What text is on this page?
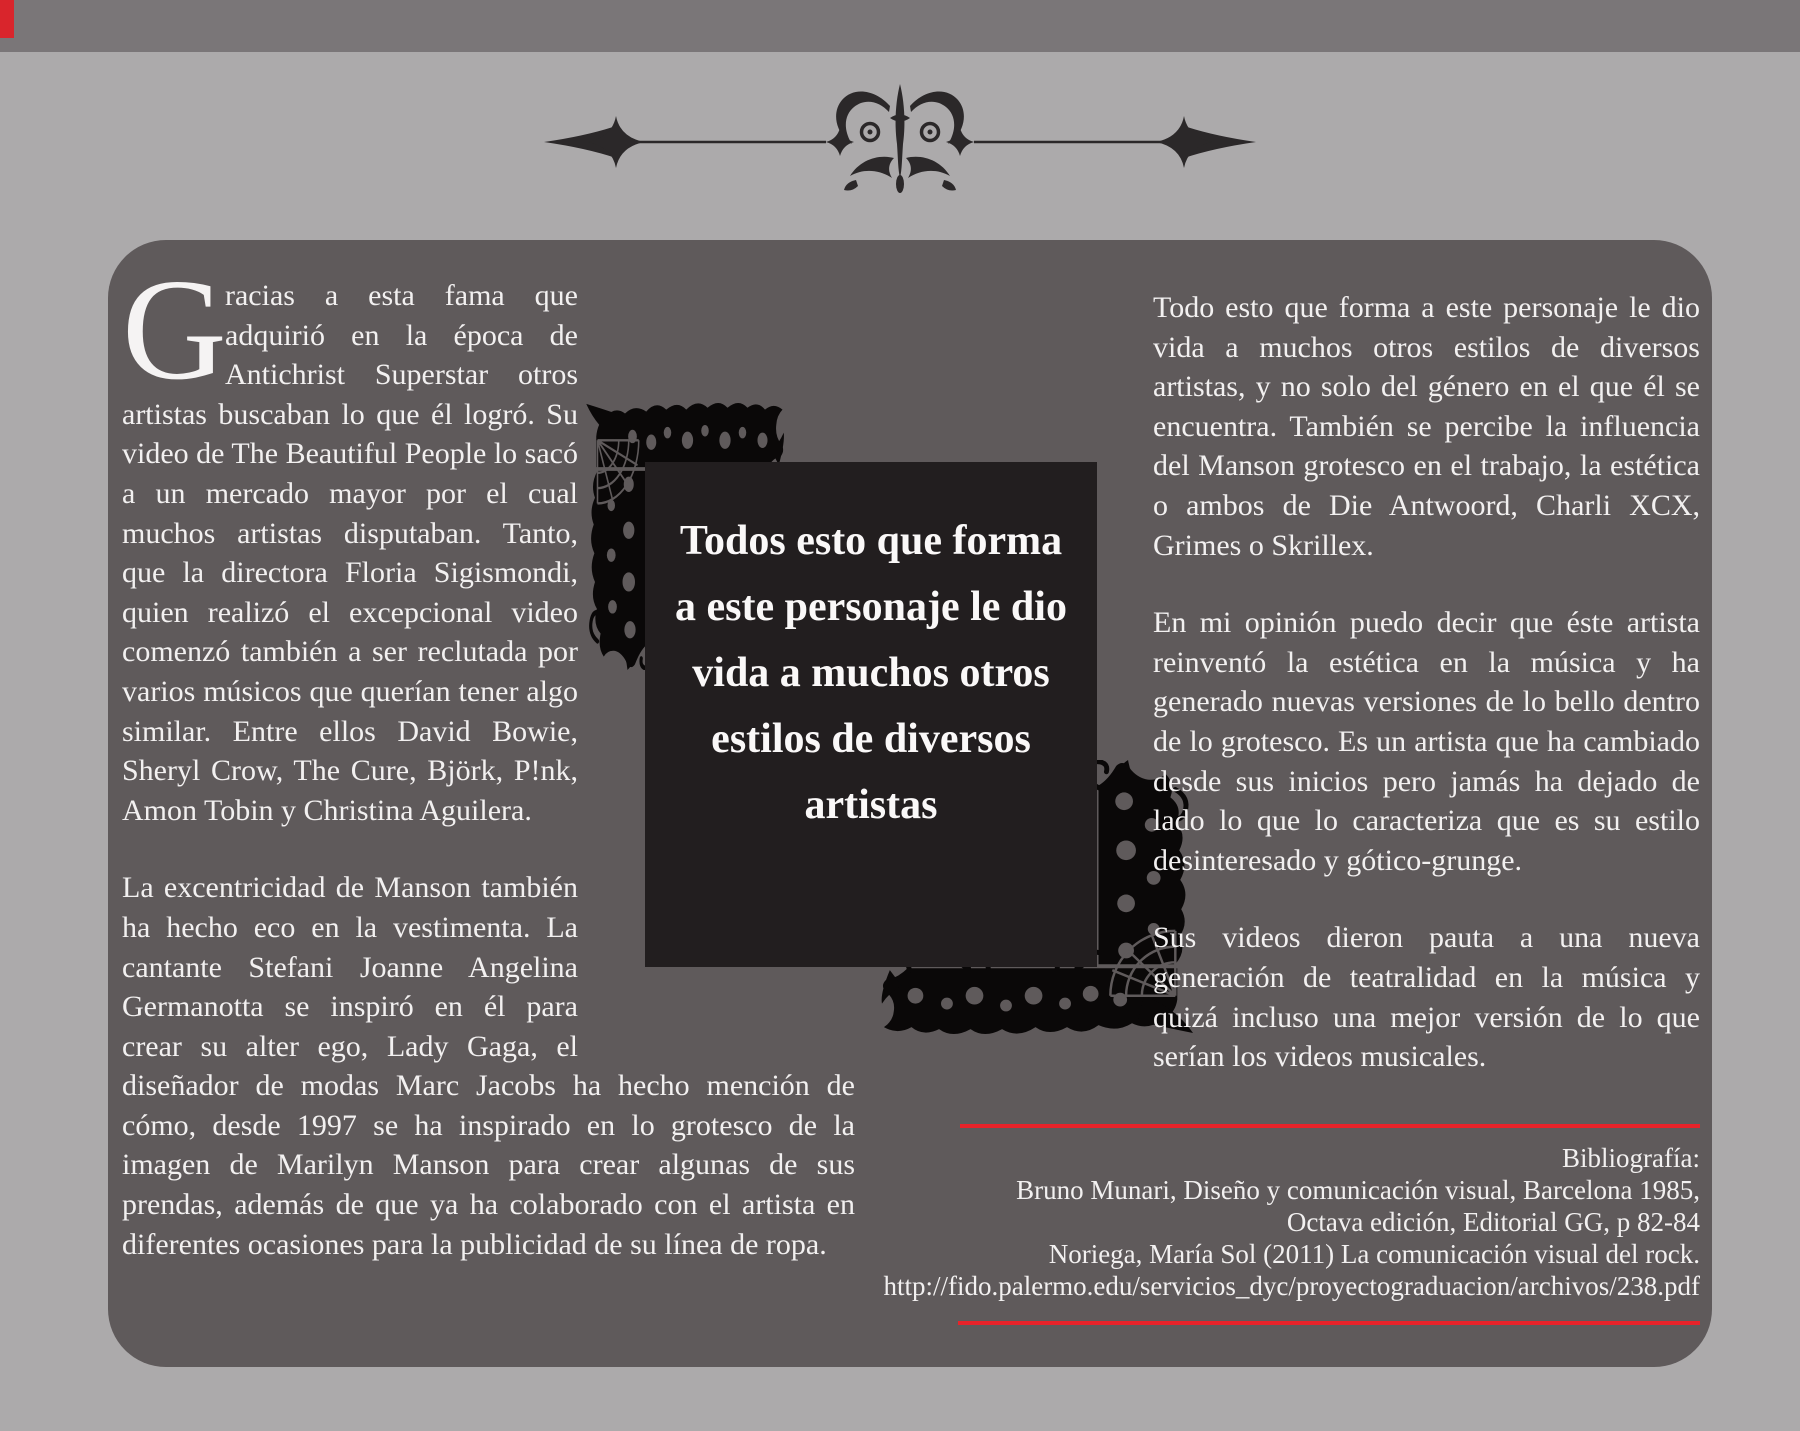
Todos esto que forma a este personaje le dio vida a muchos otros estilos de diversos artistas

G
racias a esta fama que adquirió en la época de Antichrist Superstar otros artistas buscaban lo que él logró. Su video de The Beautiful People lo sacó a un mercado mayor por el cual muchos artistas disputaban. Tanto, que la directora Floria Sigismondi, quien realizó el excepcional video comenzó también a ser reclutada por varios músicos que querían tener algo similar. Entre ellos David Bowie, Sheryl Crow, The Cure, Björk, P!nk, Amon Tobin y Christina Aguilera.

La excentricidad de Manson también ha hecho eco en la vestimenta. La cantante Stefani Joanne Angelina Germanotta se inspiró en él para crear su alter ego, Lady Gaga, el diseñador de modas Marc Jacobs ha hecho mención de cómo, desde 1997 se ha inspirado en lo grotesco de la imagen de Marilyn Manson para crear algunas de sus prendas, además de que ya ha colaborado con el artista en diferentes ocasiones para la publicidad de su línea de ropa.

Todo esto que forma a este personaje le dio vida a muchos otros estilos de diversos artistas, y no solo del género en el que él se encuentra. También se percibe la influencia del Manson grotesco en el trabajo, la estética o ambos de Die Antwoord, Charli XCX, Grimes o Skrillex.

En mi opinión puedo decir que éste artista reinventó la estética en la música y ha generado nuevas versiones de lo bello dentro de lo grotesco. Es un artista que ha cambiado desde sus inicios pero jamás ha dejado de lado lo que lo caracteriza que es su estilo desinteresado y gótico-grunge.

Sus videos dieron pauta a una nueva generación de teatralidad en la música y quizá incluso una mejor versión de lo que serían los videos musicales.

Bibliografía:
Bruno Munari, Diseño y comunicación visual, Barcelona 1985,
Octava edición, Editorial GG, p 82-84
Noriega, María Sol (2011) La comunicación visual del rock.
http://fido.palermo.edu/servicios_dyc/proyectograduacion/archivos/238.pdf
